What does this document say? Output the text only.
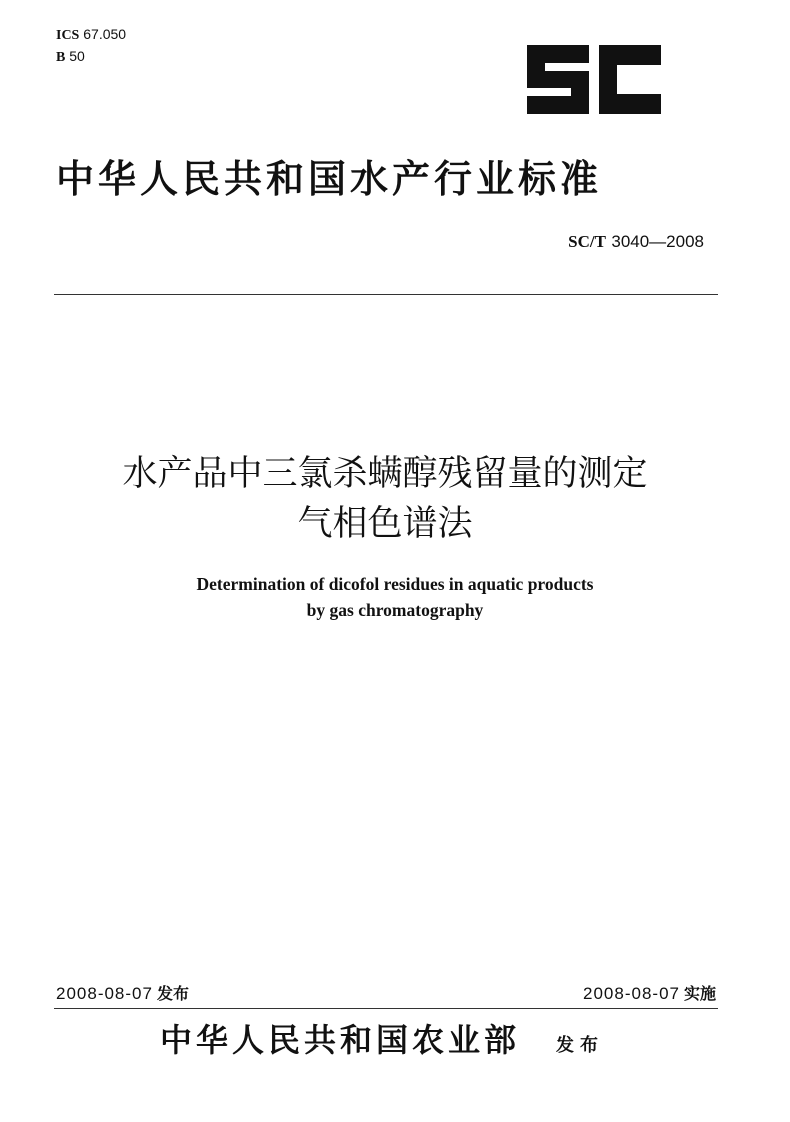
ICS 67.050
B 50
中华人民共和国水产行业标准
SC/T 3040—2008
水产品中三氯杀螨醇残留量的测定
气相色谱法
Determination of dicofol residues in aquatic products
by gas chromatography
2008-08-07 发布	2008-08-07 实施
中华人民共和国农业部 发布
